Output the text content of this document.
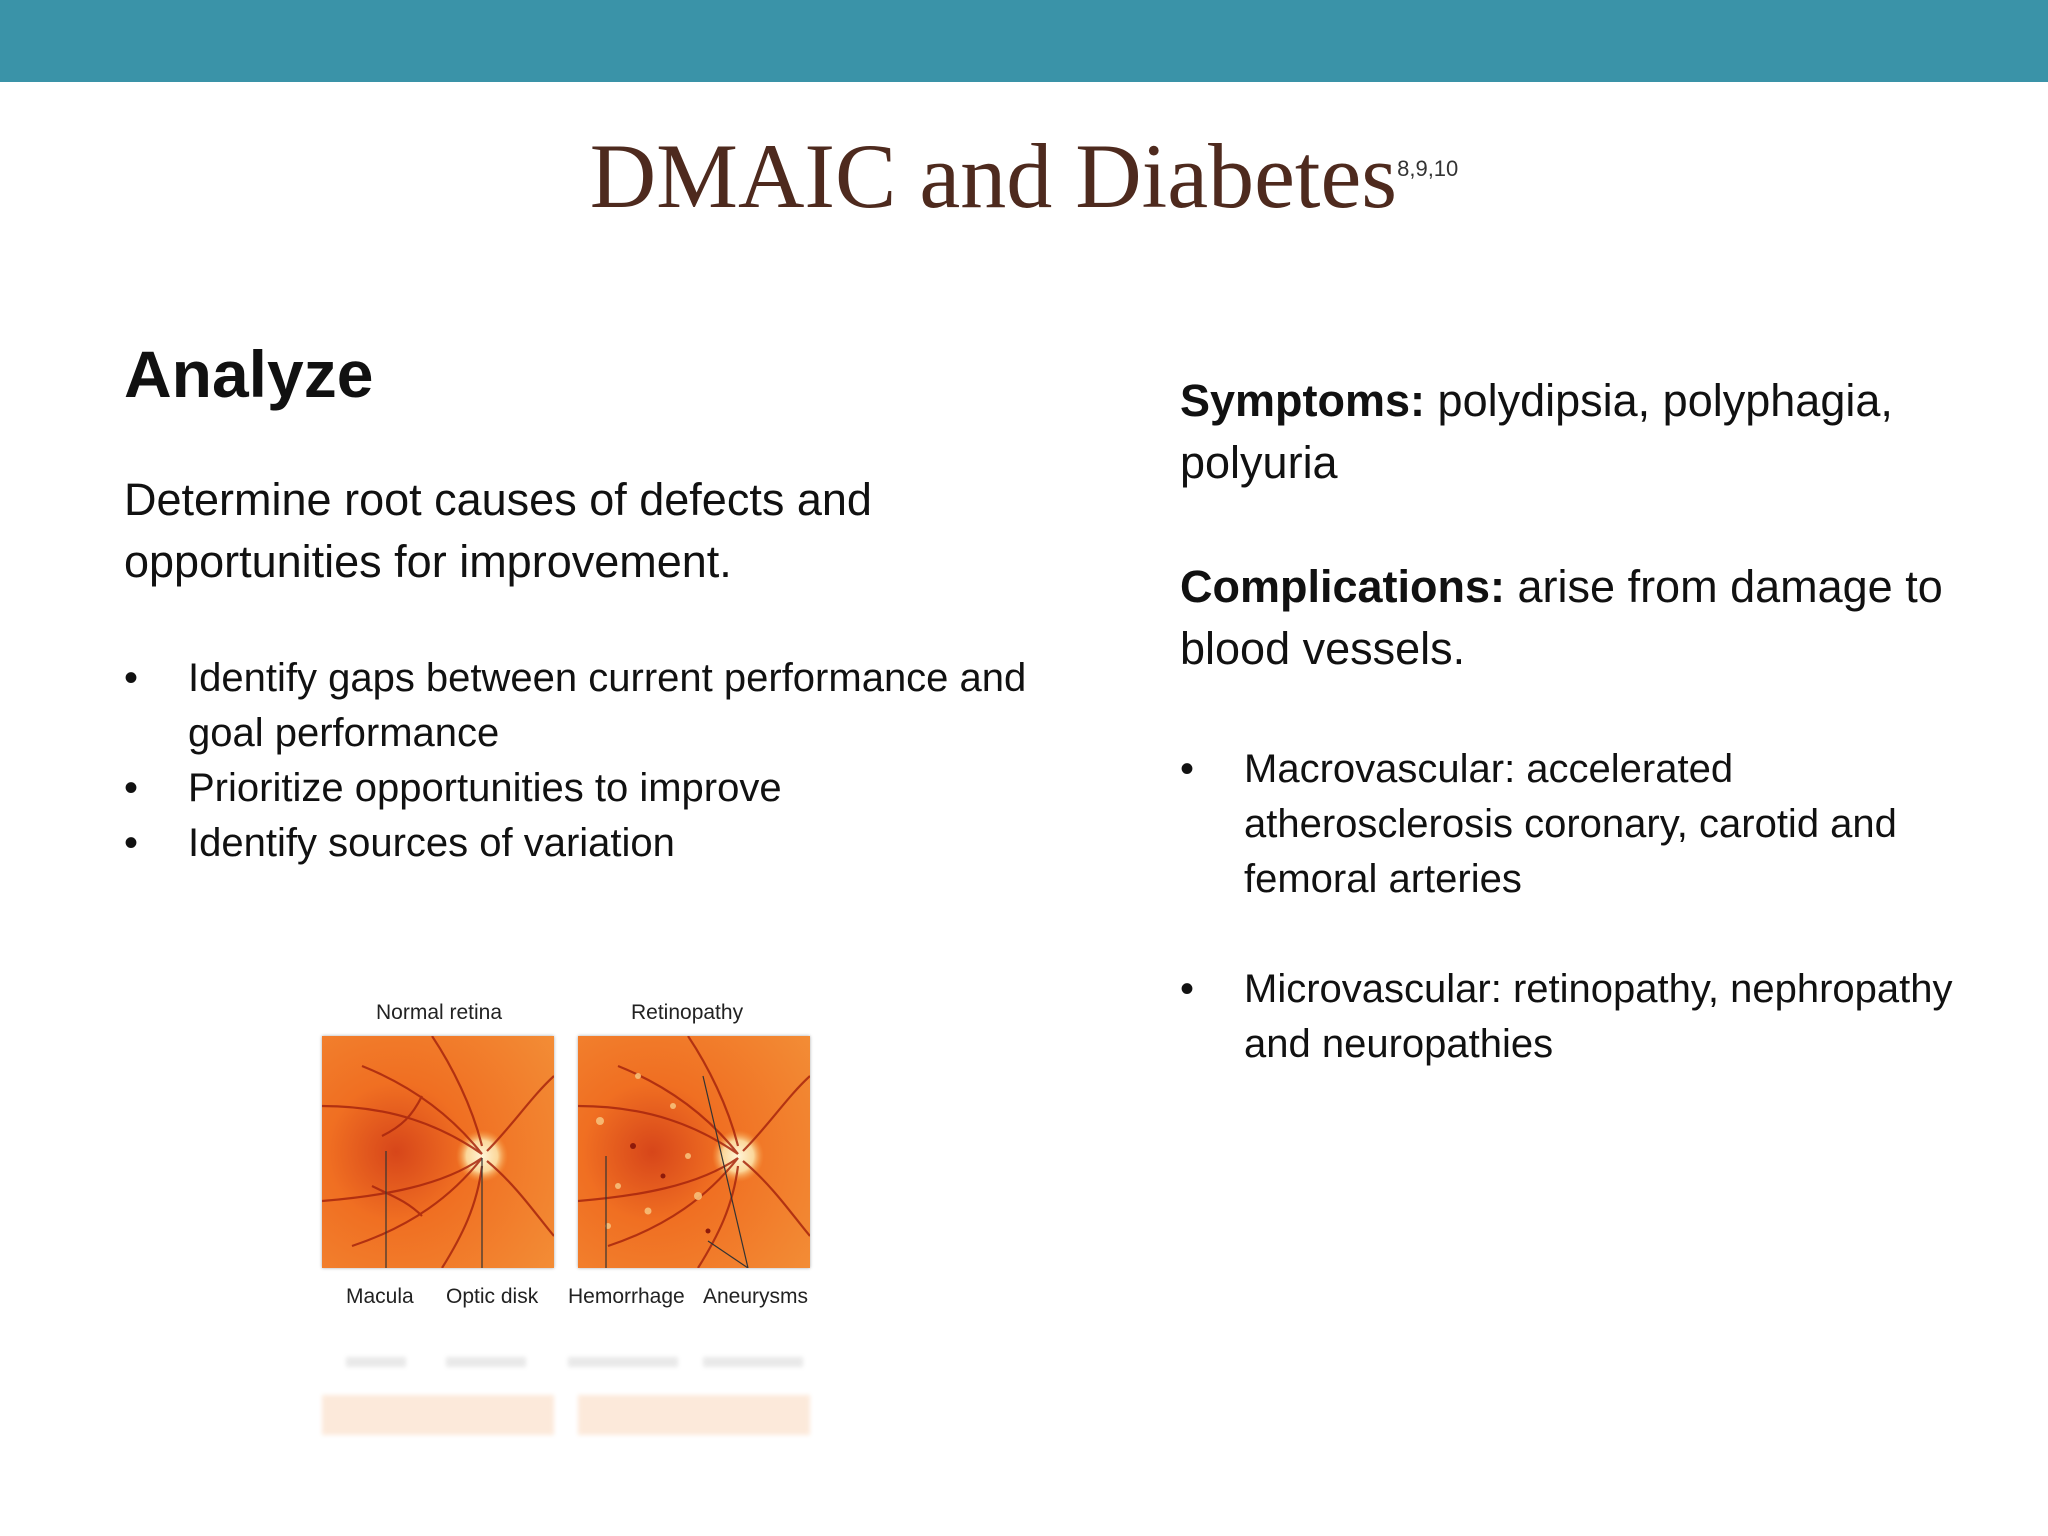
DMAIC and Diabetes$^{8,9,10}$
Analyze
Determine root causes of defects and opportunities for improvement.
• Identify gaps between current performance and goal performance
• Prioritize opportunities to improve
• Identify sources of variation

Symptoms: polydipsia, polyphagia, polyuria

Complications: arise from damage to blood vessels.

• Macrovascular: accelerated atherosclerosis coronary, carotid and femoral arteries
• Microvascular: retinopathy, nephropathy and neuropathies
Normal retina	Retinopathy
Macula Optic disk Hemorrhage Aneurysms
